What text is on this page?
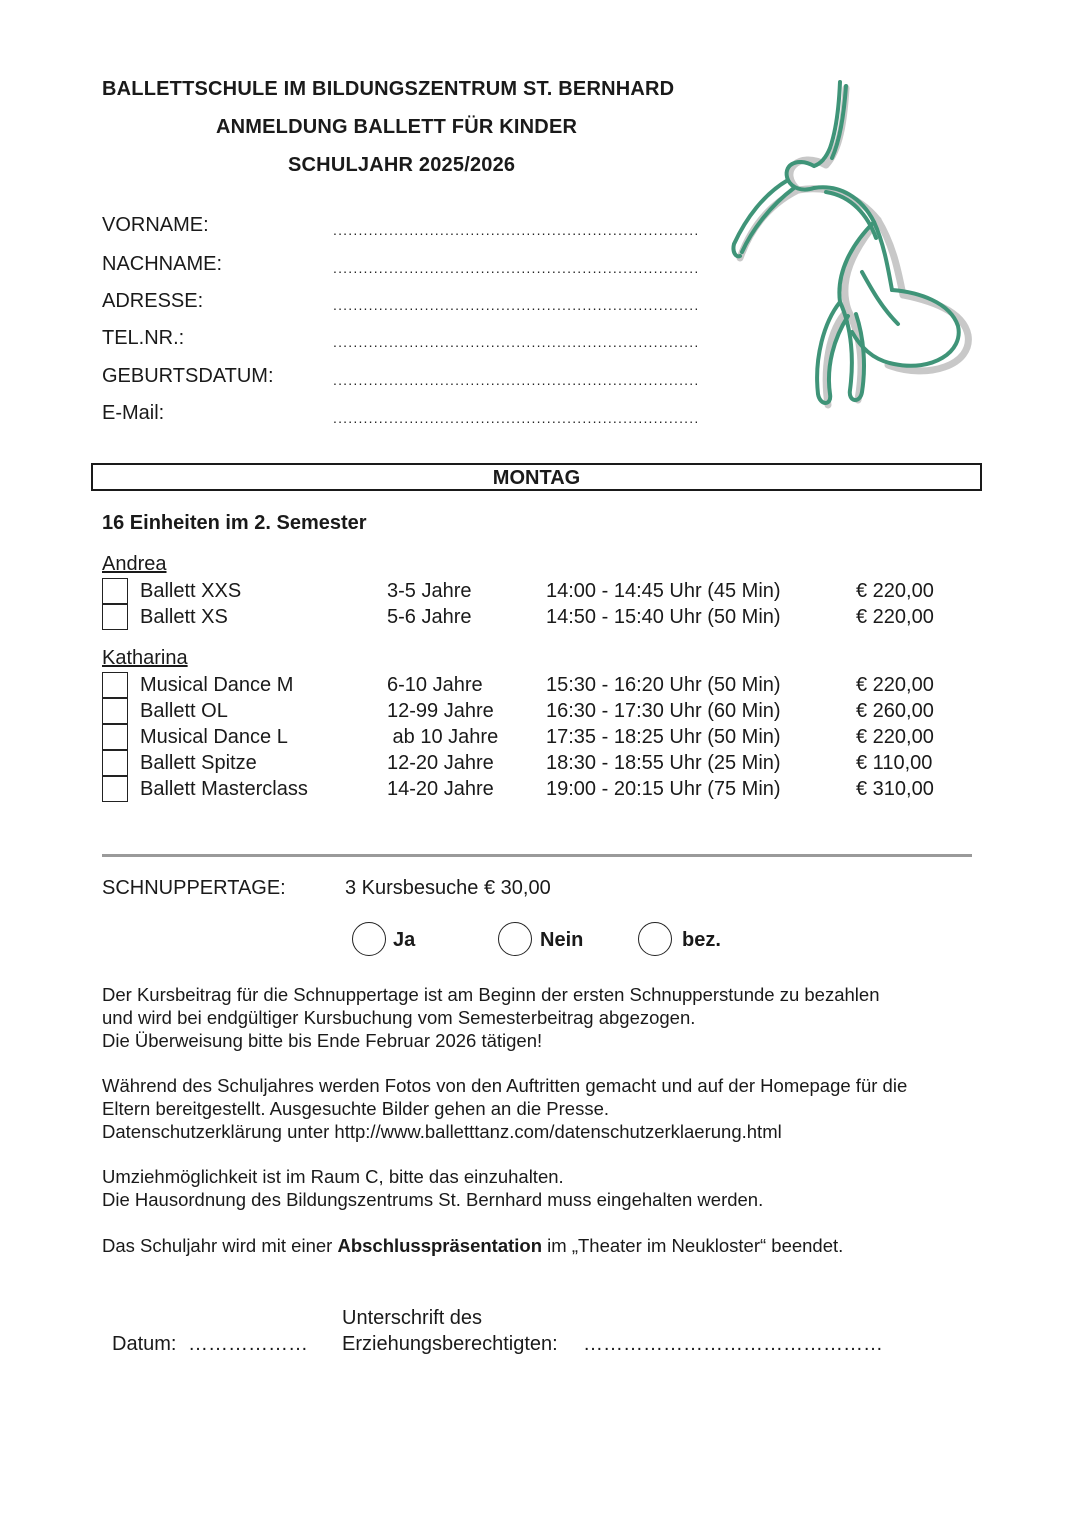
BALLETTSCHULE IM BILDUNGSZENTRUM ST. BERNHARD
ANMELDUNG BALLETT FÜR KINDER
SCHULJAHR 2025/2026
VORNAME:	........................................................................
NACHNAME:	........................................................................
ADRESSE:	........................................................................
TEL.NR.:	........................................................................
GEBURTSDATUM:	........................................................................
E-Mail:	........................................................................
MONTAG
16 Einheiten im 2. Semester
Andrea
Ballett XXS	3-5 Jahre	14:00 - 14:45 Uhr (45 Min)	€ 220,00
Ballett XS	5-6 Jahre	14:50 - 15:40 Uhr (50 Min)	€ 220,00
Katharina
Musical Dance M	6-10 Jahre	15:30 - 16:20 Uhr (50 Min)	€ 220,00
Ballett OL	12-99 Jahre	16:30 - 17:30 Uhr (60 Min)	€ 260,00
Musical Dance L	ab 10 Jahre 17:35 - 18:25 Uhr (50 Min)	€ 220,00
Ballett Spitze	12-20 Jahre	18:30 - 18:55 Uhr (25 Min)	€ 110,00
Ballett Masterclass	14-20 Jahre	19:00 - 20:15 Uhr (75 Min)	€ 310,00
SCHNUPPERTAGE:	3 Kursbesuche € 30,00
Ja	Nein	bez.
Der Kursbeitrag für die Schnuppertage ist am Beginn der ersten Schnupperstunde zu bezahlen
und wird bei endgültiger Kursbuchung vom Semesterbeitrag abgezogen.
Die Überweisung bitte bis Ende Februar 2026 tätigen!
Während des Schuljahres werden Fotos von den Auftritten gemacht und auf der Homepage für die
Eltern bereitgestellt. Ausgesuchte Bilder gehen an die Presse.
Datenschutzerklärung unter http://www.balletttanz.com/datenschutzerklaerung.html
Umziehmöglichkeit ist im Raum C, bitte das einzuhalten.
Die Hausordnung des Bildungszentrums St. Bernhard muss eingehalten werden.
Das Schuljahr wird mit einer Abschlusspräsentation im „Theater im Neukloster“ beendet.
Datum: ………………
Unterschrift des
Erziehungsberechtigten: ………………………………………
